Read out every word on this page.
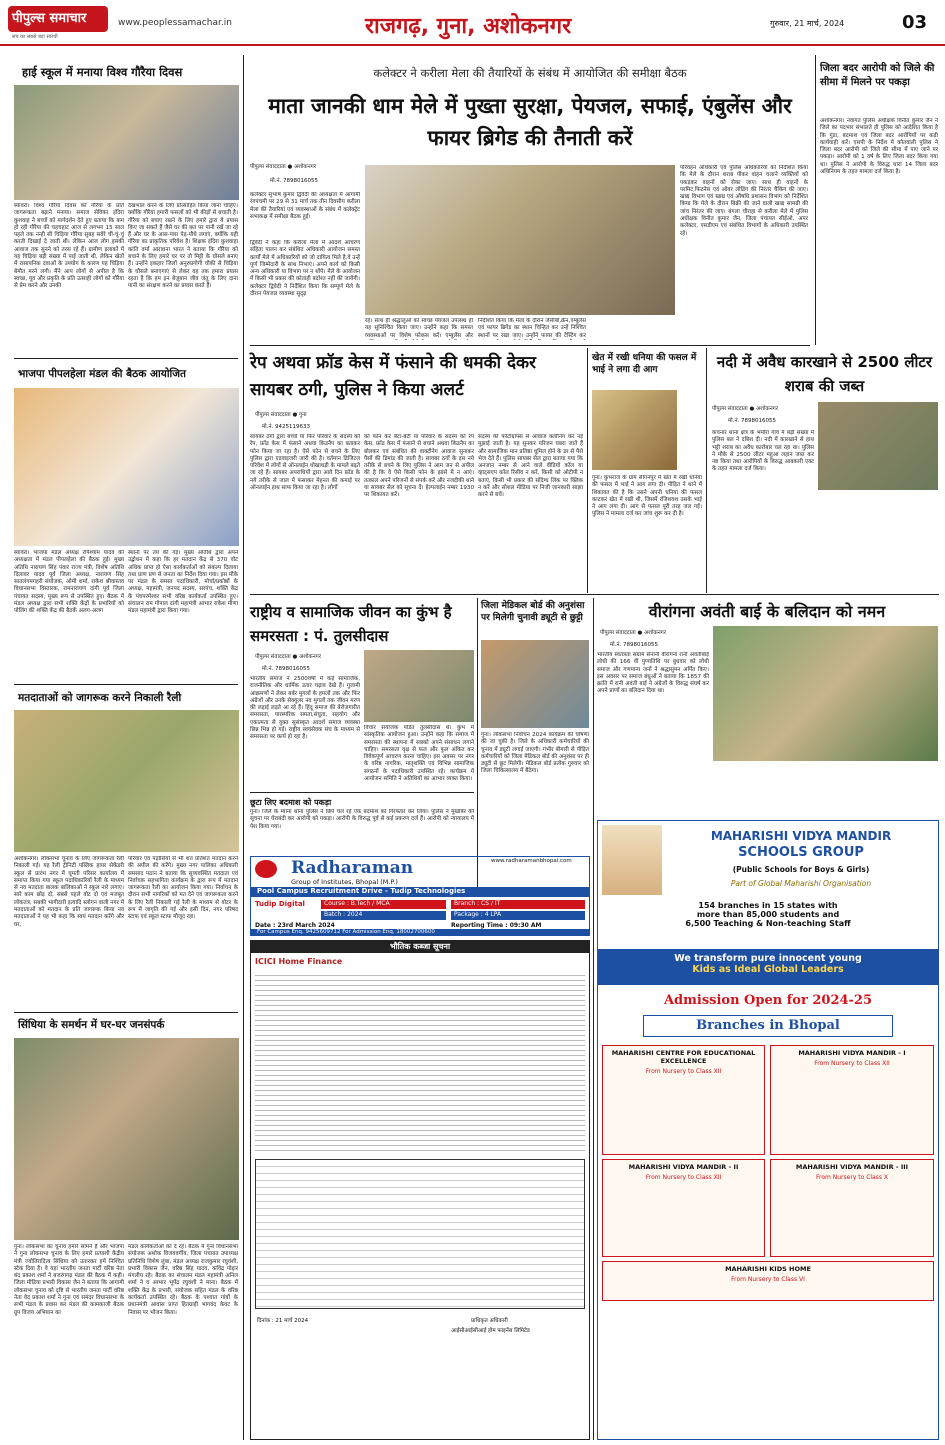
पीपुल्स समाचार
सच का सबसे बड़ा सारथी
www.peoplessamachar.in	राजगढ़, गुना, अशोकनगर	गुरुवार, 21 मार्च, 2024	03
हाई स्कूल में मनाया विश्व गौरैया दिवस
ब्यावरा। विश्व गौरैया दिवस को गौरैया के प्रति जागरूकता बढ़ाने मनाया। समाज सेविका इंदिरा कुशवाह ने बच्चों को मार्गदर्शन देते हुए बताया कि कम हो रही गौरैया की चहचहाट आज से लगभग 15 साल पहले तक नन्ही सी चिड़िया गौरैया सुबह सवेरे चीं-चूं-चूं करती दिखाई दे जाती थी। लेकिन आज लोग इसकी आवाज तक सुनने को तरस रहे हैं। ग्रामीण इलाकों में यह चिड़िया बड़ी संख्या में पाई जाती थी, लेकिन खेतों में रासायनिक दवाओं के उपयोग के कारण यह चिड़िया बेमौत मरने लगी। मैंने आप लोगों से अपील है कि स्वच्छ, यूव और प्रकृति के प्रति उत्साही लोगों को गौरैया से प्रेम करने और उनकी
देखभाल करने के लिए प्रोत्साहित किया जाना चाहिए। क्योंकि गौरैया हमारी फसलों को भी कीड़ों से बचाती है। गौरैया को बचाए रखने के लिए हमारे द्वारा ये प्रयास किए जा सकते हैं जैसे घर की छत पर पानी रखें जा रहे हैं और घर के आस-पास पेड़-पौधे लगाएं, क्योंकि यही गौरैया का प्राकृतिक परिवेश है। शिक्षक इंदिरा कुशवाहा कांति वर्मा आराधना भारत ने बताया कि गौरैया को बचाने के लिए हमारे घर पर तो मिट्टी के घोसले बनाए हैं। उन्होंने इकहार जिलों अनुरुप्रगोगी चौकी से चिड़िया के घौसले बनाएगाएं से लेकर वह तक हमारा प्रयास रहता है कि हम इन बेज़ुबान जीव जंतु के लिए दाना पानी का संरक्षण करने का प्रयास करते हैं।
भाजपा पीपलहेला मंडल की बैठक आयोजित
ब्यावरा। भाजपा मंडल अध्यक्ष रोपेश्याम यादव की अध्यक्षता में मंडल पीपलहेला की बैठक हुई। मुख्य अतिथि नारायण सिंह पंवार राज्य मंत्री, विशेष अतिथि दिलावर यादव पूर्व जिला अध्यक्ष, नारायण सिंह सातलंगमगहरी संयोजक, ओमी शर्मा, राकेश श्रीवास्तव विधानसभा विस्तारक, रामनारायण दांगी पूर्व जिला पंचायत सदस्य, मुख्य रूप से उपस्थित हुए। बैठक में मंडल अध्यक्ष द्वारा सभी शक्ति केंद्रों के प्रभारियों को पोलिंग की शक्ति केंद्र की बैठकें अलग-अलग
स्थानों पर तय की गई। मुख्य अतिथि द्वारा अपने उद्बोधन में कहा कि हर मतदान केंद्र से 370 वोट अधिक प्राप्त हो ऐसा कार्यकर्ताओं को संकल्प दिलाया तथा प्राण प्रण से जनता का निर्देश दिया गया। इस मौके पर मंडल के समस्त पदाधिकारी, मोर्चा/प्रकोष्ठों के अध्यक्ष, महामंत्री, जनपद सदस्य, सरपंच, शक्ति केंद्र के पंचपरमेश्वर सभी वरिष्ठ कार्यकर्ता उपस्थित हुए। संचालन राम गोपाल दांगी महामंत्री आभार राकेश मीणा मंडल महामंत्री द्वारा किया गया।
मतदाताओं को जागरूक करने निकाली रैली
अशोकनगर। लोकसभा चुनाव के लिए जागरूकता रैली निकाली गई। यह रैली ट्रीनिटी पब्लिक हायर सेकेंडरी स्कूल से प्रारंभ नगर में घूमती परिसर कार्यालय में समाप्त किया गया स्कूल पदाधिकारियों रैली के माध्यम से नव मतदाता बालक बालिकाओं ने स्कूल नारे लगाए। सारे काम छोड़ दो, सबसे पहले वोट दो एवं मजबूत लोकतंत्र, सबकी भागीदारी इत्यादि स्लोगन वाली नगर में मतदाताओं को मतदान के प्रति जागरूक किया नव मतदाताओं ने यह भी कहा कि स्वयं मतदान करेंगे और घर,
परिवार एवं पड़ोसियों से भी शत प्रतिशत मतदान करने की अपील की करेंगे। मुख्य नगर पालिका अधिकारी समसाद पठान ने बताया कि सुव्यवस्थित मतदाता एवं निर्वाचक सहभागिता कार्यक्रम के द्वारा रूप में मतदान जागरूकता रैली का आयोजन किया गया। निर्वाचन के दौरान सभी नागरिकों को मत देने एवं जागरूकता करने के लिए रैली निकाली गई रैली के माध्यम से वोटर के रूप में जागृति की गई और इसी दिन, नगर परिषद स्टाफ एवं स्कूल स्टाफ मौजूद रहा।
सिंधिया के समर्थन में घर-घर जनसंपर्क
गुना। लोकसभा का चुनाव हमारे सामने है और भाजपा ने गुना लोकसभा चुनाव के लिए हमारे प्रत्याशी केंद्रीय मंत्री ज्योतिरादित्य सिंधिया को उतारकर हमें निश्चित स्टेक दिया है। वे यहां भारतीय जनता पार्टी वरिष्ठ नेता बंद प्रकाश शर्मा ने बजरंगगढ़ मंडल की बैठक में कही। जिला मीडिया प्रभारी विकास जैन ने बताया कि आगामी लोकसभा चुनाव को दृष्टि से भारतीय जनता पार्टी वरिष्ठ नेता वेद प्रकाश शर्मा ने गुना एवं समंदर विधानसभा के सभी मंडल के प्रवास कर मंडल की कामकाजी बैठक ग्रुप विजय अभियान का
मंडल कार्यकर्ताओं को दे रहे। बैठक में गुना विधानसभा संयोजक अशोक विजयवर्गीय, जिला पंचायत उपाध्यक्ष प्रतिनिधि विशेष लुंबा, मंडल अध्यक्ष राजकुमार रघुवंशी, प्रभारी विकास जैन, वरिष्ठ सिंह यादव, कविंद्र पोद्दार मंगलीय रहे। बैठक का संचालन मंडल महामंत्री अनिल शर्मा ने व आभार भूपेंद्र रघुवंशी ने माना। बैठक में शक्ति केंद्र के प्रभारी, संयोजक सहित मंडल के वरिष्ठ कार्यकर्ता उपस्थित रहे। बैठक के पश्चात गांवों के प्रधानमंत्री आवास प्राप्त हितग्राही भागवंद केवट के निवास पर भोजन किया।
कलेक्टर ने करीला मेला की तैयारियों के संबंध में आयोजित की समीक्षा बैठक
माता जानकी धाम मेले में पुख्ता सुरक्षा, पेयजल, सफाई, एंबुलेंस और फायर ब्रिगेड की तैनाती करें
पीपुल्स संवाददाता ● अशोकनगर
मो.नं. 7898016055
कलेक्टर सुभाष कुमार द्विवेदी की अध्यक्षता में आगामी रंगपंचमी पर 29 से 31 मार्च तक तीन दिवसीय करीला मेला की तैयारियां एवं व्यवस्थाओं के संबंध में कलेक्ट्रेट सभाकक्ष में समीक्षा बैठक हुई।
द्विवेदी ने कहा कि करीला मेला में आदर्श आचरण संहिता पालन कर संबंधित अधिकारी आयोजन समस्त कार्यों मेले में अधिकारियों को जो दायित्व मिले है,वे उन्हें पूर्ण जिम्मेदारी के साथ निभाएं। अपने कार्य को किसी अन्य अधिकारी या विभाग पर न थोंपे। मेले के आयोजन में किसी भी प्रकार की कोताही बर्दाश्त नहीं की जायेगी। कलेक्टर द्विवेदी ने निर्देशित किया कि सम्पूर्ण मेले के दौरान पेयजल व्यवस्था सुदृढ़
रहे। साथ ही श्रद्धालुओं को स्वच्छ पेयजल उपलब्ध हो यह सुनिश्चित किया जाए। उन्होंने कहा कि समस्त व्यवस्थाओं पर विशेष फोकस करें। एम्बुलेंस और
निर्देशित किया कि मेला के दौरान जेसीबी,क्रेन,एम्बुलेंस एवं फायर ब्रिगेड का स्थान चिन्हित कर उन्हें निश्चित स्थानों पर रखा जाए। उन्होंने फायर की टेस्टिंग कर
परिवहन अधिकारी एवं पुलिस अधिकारियों को निर्देशित किया कि मेले के दौरान शराब पीकर वाहन चलाने व्यक्तियों को पकड़कर वाहनों को रोका जाए। साथ ही वाहनों के परमिट,फिटनेस एवं ओवर लोडिंग की निरंतर चैकिंग की जाए। खाद्य विभाग एवं खाद्य एवं औषधि प्रशासन विभाग को निर्देशित किया कि मेले के दौरान बिक्री की जाने वाली खाद्य सामग्री की जांच निरंतर की जाए। बंगला चौराहा से करीला मेले में पुलिस अधीक्षक विनीत कुमार जैन, जिला पंचायत सीईओ, अपर कलेक्टर, एसडीएम एवं संबंधित विभागों के अधिकारी उपस्थित रहे।
रेप अथवा फ्रॉड केस में फंसाने की धमकी देकर सायबर ठगी, पुलिस ने किया अलर्ट
पीपुल्स संवाददाता ● गुना
मो.नं. 9425119633
सायबर ठगों द्वारा बच्चों या फिर परिवार के सदस्य को रेप, फ्रॉड केस में फंसाने अथवा किडनैप का बताकर फोन किया जा रहा है। ऐसे फोन से बचने के लिए पुलिस द्वारा एडवाइजरी जारी की है। वर्तमान डिजिटल परिवेश में लोगों से ऑनलाईन धोखाधड़ी के मामले बढ़ते जा रहे हैं। सायबर अपराधियों द्वारा आये दिन फ्रॉड के नये तरीके से जाल में फंसाकर मेहनत की कमाई पर ऑनलाईन हाथ साफ किया जा रहा है। लोगों
को फोन कर बेटा-बेटी या परिवार के सदस्य को रेप केस, फ्रॉड केस में फंसाने से बचाने अथवा किडनैप का बोलकर एवं संबंधित की वाक्टीनेग आवाज सुनाकर पैसों की डिमांड की जाती है। सायबर ठगों के इस नये तरीके से बचने के लिए पुलिस ने आम जन से अपील की है कि वे ऐसे किसी फोन के झांसे में न आएं। तत्काल अपने परिजनों से संपर्क करें और नजदीकी थाने या सायबर सेल को सूचना दें। हेल्पलाईन नम्बर 1930 पर शिकायत करें।
सदस्य की फोटोग्राफ्स से आवाज क्लोनिंग कर नई मुझाई जाती है। यह सुनकर परिजन घबरा जाते हैं और सामाजिक मान प्रतिष्ठा धूमिल होने के डर से पैसे भेज देते हैं। पुलिस सायबर सेल द्वारा बताया गया कि अनजान नम्बर से आने वाले वीडियो कॉल या व्हाट्सएप कॉल रिसीव न करें, किसी को ओटीपी न बताएं, किसी भी प्रकार की संदिग्ध लिंक पर क्लिक न करें और सोशल मीडिया पर निजी जानकारी साझा करने से बचें।
खेत में रखी धनिया की फसल में भाई ने लगा दी आग
गुना। कुंभराज के ग्राम सीगनपुर में खेत में रखी धनिया की फसल में भाई ने आग लगा दी। पीड़ित ने थाने में शिकायत की है कि उसने अपनी धनिया की फसल काटकर खेत में रखी थी, जिसमें रंजिशवश उसके भाई ने आग लगा दी। आग से फसल पूरी तरह जल गई। पुलिस ने मामला दर्ज कर जांच शुरू कर दी है।
राष्ट्रीय व सामाजिक जीवन का कुंभ है समरसता : पं. तुलसीदास
पीपुल्स संवाददाता ● अशोकनगर
मो.नं. 7898016055
भारतीय समाज ने 2500वर्षों में कई सामाजिक, राजनीतिक और धार्मिक उतार चढ़ाव देखे हैं। गुलामी आक्रमणों ने लेकर बर्बर मुगलों के हमलों तक और फिर अंग्रेजों और उनके सेक्युलर नव मुगलों तक जीवन मरण की लड़ाई लड़ते आ रहे हैं। हिंदू समाज की बेरोजगारीत समरसता, पारस्परिक समता,संघुता, सहयोग और एकात्मता से युक्त सुसंस्कृत आदर्श समाज व्यवस्था छिन्न भिन्न हो गई। राष्ट्रीय स्वयंसेवक संघ के माध्यम से समरसता पर कार्य हो रहा है।
विचार संयोजक पंडित तुलसीदास थे। कुंभ में सांस्कृतिक आयोजन हुआ। उन्होंने कहा कि समाज में समरसता की स्थापना में सबको अपने संसाधन लगाने चाहिए। समरसता वृक्ष से फल और फूल अंकित कर विवेकपूर्ण आचरण करना चाहिए। इस अवसर पर नगर के वरिष्ठ नागरिक, मातृशक्ति एवं विभिन्न सामाजिक संगठनों के पदाधिकारी उपस्थित रहे। कार्यक्रम में आयोजन समिति ने अतिथियों का आभार व्यक्त किया।
जिला मेडिकल बोर्ड की अनुशंसा पर मिलेगी चुनावी ड्यूटी से छुट्टी
गुना। लोकसभा निर्वाचन 2024 कार्यक्रम की घोषणा की जा चुकी है। जिले के अधिकारी कर्मचारियों की चुनाव में ड्यूटी लगाई जाएगी। गंभीर बीमारी से पीड़ित कर्मचारियों को जिला मेडिकल बोर्ड की अनुशंसा पर ही ड्यूटी से छूट मिलेगी। मेडिकल बोर्ड प्रत्येक गुरुवार को जिला चिकित्सालय में बैठेगा।
छूटा लिए बदमाश को पकड़ा
गुना। जिले के म्याना थाना पुलिस ने छिपे चल रहे एक बदमाश को गिरफ्तार कर लिया। पुलिस ने मुखबिर की सूचना पर घेराबंदी कर आरोपी को पकड़ा। आरोपी के विरुद्ध पूर्व से कई प्रकरण दर्ज हैं। आरोपी को न्यायालय में पेश किया गया।
Radharaman
Group of Institutes, Bhopal (M.P.)
www.radharamanbhopal.com
Pool Campus Recruitment Drive - Tudip Technologies
Tudip Digital	Course : B.Tech / MCA	Branch : CS / IT
Batch : 2024	Package : 4 LPA
Date : 23rd March 2024	Reporting Time : 09:30 AM
For Campus Enq. 9425609712 For Admission Enq. 18002700600
भौतिक कब्जा सूचना
ICICI Home Finance
दिनांक : 21 मार्च 2024	प्राधिकृत अधिकारी
आईसीआईसीआई होम फाइनेंस लिमिटेड
जिला बदर आरोपी को जिले की सीमा में मिलने पर पकड़ा
अशोकनगर। नवागत पुलिस अधीक्षक विनीत कुमार जैन ने जिले का पदभार संभालते ही पुलिस को आदेशित किया है कि गुंडा, बदमाश एवं जिला बदर आरोपियों पर कड़ी कार्यवाही करें। एसपी के निर्देश में कोतवाली पुलिस ने जिला बदर आरोपी को जिले की सीमा में पाए जाने पर पकड़ा। आरोपी को 1 वर्ष के लिए जिला बदर किया गया था। पुलिस ने आरोपी के विरुद्ध धारा 14 जिला बदर अधिनियम के तहत मामला दर्ज किया है।
नदी में अवैध कारखाने से 2500 लीटर शराब की जब्त
पीपुल्स संवाददाता ● अशोकनगर
मो.नं. 7898016055
कचनार थाना क्षेत्र के भमौरा गांव में बड़ी संख्या में पुलिस बल ने दबिश दी। नदी में कारखाने से हाथ भट्टी शराब का अवैध कारोबार चल रहा था। पुलिस ने मौके से 2500 लीटर महुआ लहान जब्त कर नष्ट किया तथा आरोपियों के विरुद्ध आबकारी एक्ट के तहत मामला दर्ज किया।
वीरांगना अवंती बाई के बलिदान को नमन
पीपुल्स संवाददाता ● अशोकनगर
मो.नं. 7898016055
भारतीय स्वतंत्रता संग्राम सेनानी वीरांगना रानी अवंतीबाई लोधी की 166 वीं पुण्यतिथि पर बुधवार को लोधी समाज और गणमान्य जनों ने श्रद्धासुमन अर्पित किए। इस अवसर पर समाज बंधुओं ने बताया कि 1857 की क्रांति में रानी अवंती बाई ने अंग्रेजों के विरुद्ध संघर्ष कर अपने प्राणों का बलिदान दिया था।
MAHARISHI VIDYA MANDIR
SCHOOLS GROUP
(Public Schools for Boys & Girls)
Part of Global Maharishi Organisation
154 branches in 15 states with
more than 85,000 students and
6,500 Teaching & Non-teaching Staff
We transform pure innocent young
Kids as Ideal Global Leaders
Admission Open for 2024-25
Branches in Bhopal
MAHARISHI CENTRE FOR EDUCATIONAL EXCELLENCE
From Nursery to Class XII
MAHARISHI VIDYA MANDIR - I
From Nursery to Class XII
MAHARISHI VIDYA MANDIR - II
From Nursery to Class XII
MAHARISHI VIDYA MANDIR - III
From Nursery to Class X
MAHARISHI KIDS HOME
From Nursery to Class VI
